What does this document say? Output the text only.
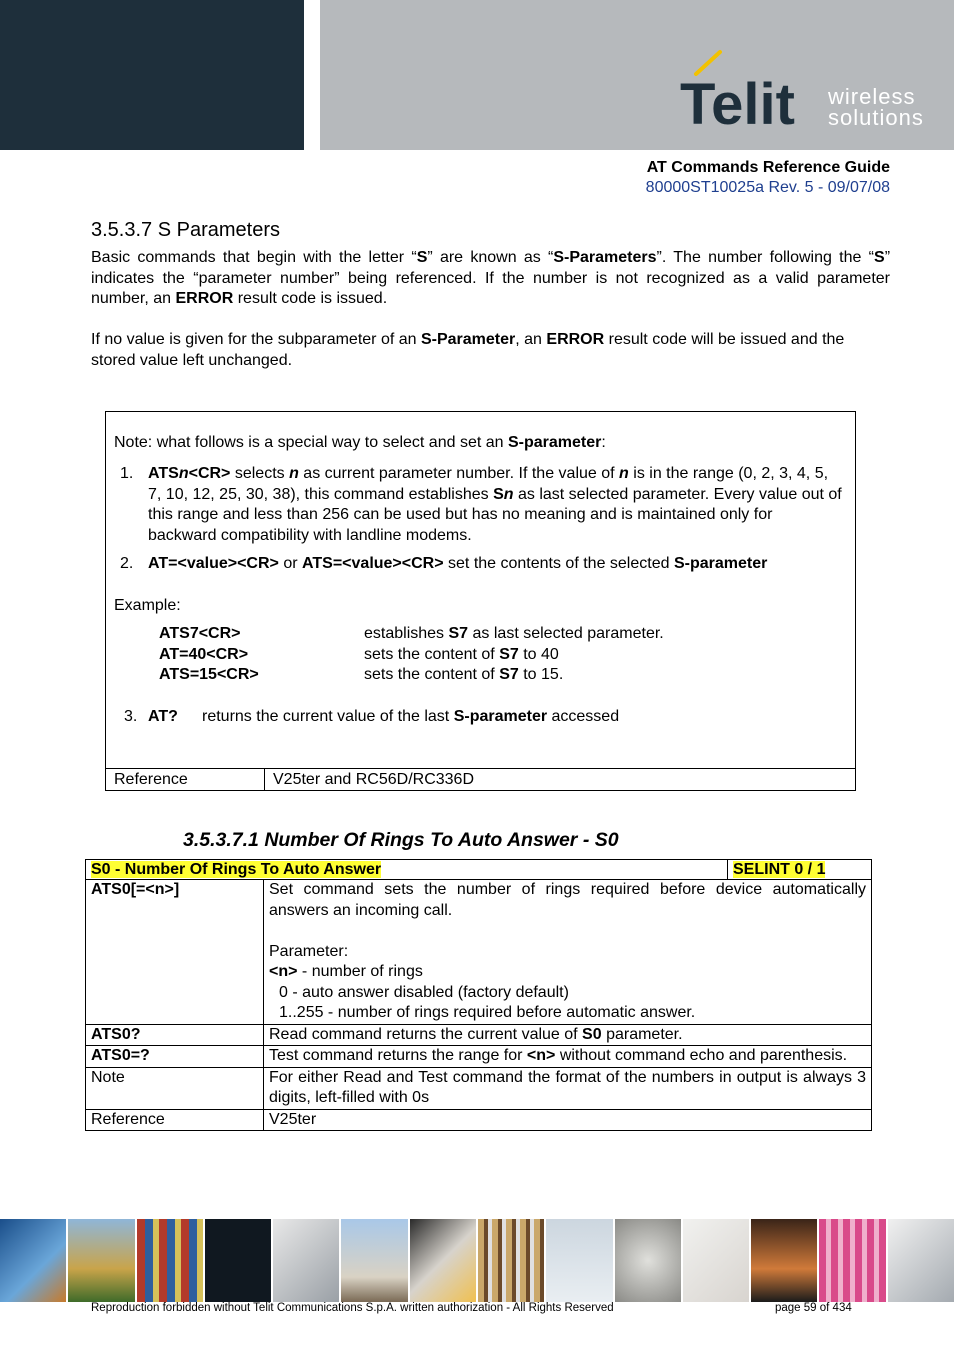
Telit wireless
solutions
AT Commands Reference Guide
80000ST10025a Rev. 5 - 09/07/08
3.5.3.7 S Parameters
Basic commands that begin with the letter “S” are known as “S-Parameters”. The number following the “S” indicates the “parameter number” being referenced. If the number is not recognized as a valid parameter number, an ERROR result code is issued.
If no value is given for the subparameter of an S-Parameter, an ERROR result code will be issued and the stored value left unchanged.
Note: what follows is a special way to select and set an S-parameter:
1. ATSn<CR> selects n as current parameter number. If the value of n is in the range (0, 2, 3, 4, 5, 7, 10, 12, 25, 30, 38), this command establishes Sn as last selected parameter. Every value out of this range and less than 256 can be used but has no meaning and is maintained only for backward compatibility with landline modems.
2. AT=<value><CR> or ATS=<value><CR> set the contents of the selected S-parameter
Example:
ATS7<CR>	establishes S7 as last selected parameter.
AT=40<CR>	sets the content of S7 to 40
ATS=15<CR>	sets the content of S7 to 15.
3. AT? returns the current value of the last S-parameter accessed
Reference	V25ter and RC56D/RC336D
3.5.3.7.1 Number Of Rings To Auto Answer - S0
S0 - Number Of Rings To Auto Answer		SELINT 0 / 1
ATS0[=<n>]	Set command sets the number of rings required before device automatically answers an incoming call.
Parameter:
<n> - number of rings
0 - auto answer disabled (factory default)
1..255 - number of rings required before automatic answer.	

ATS0?	Read command returns the current value of S0 parameter.	
ATS0=?	Test command returns the range for <n> without command echo and parenthesis.	
Note	For either Read and Test command the format of the numbers in output is always 3 digits, left-filled with 0s	
Reference	V25ter	
Reproduction forbidden without Telit Communications S.p.A. written authorization - All Rights Reserved	page 59 of 434
